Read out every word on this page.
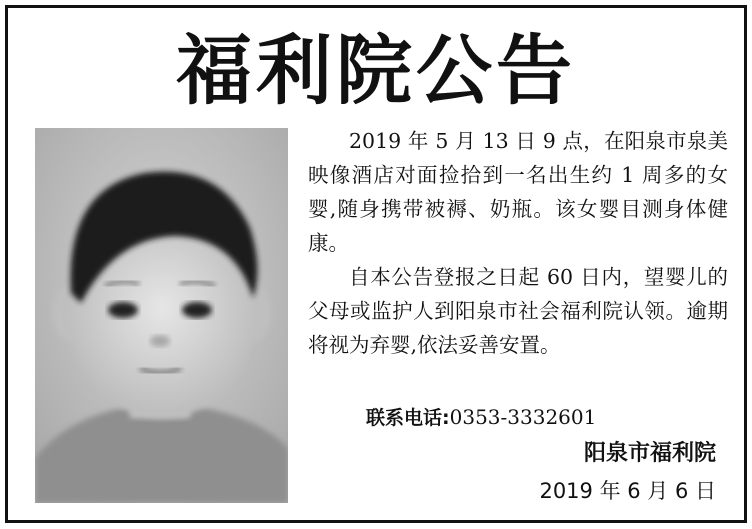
福利院公告

2019 年 5 月 13 日 9 点，在阳泉市泉美映像酒店对面捡拾到一名出生约 1 周多的女婴,随身携带被褥、奶瓶。该女婴目测身体健康。

自本公告登报之日起 60 日内，望婴儿的父母或监护人到阳泉市社会福利院认领。逾期将视为弃婴,依法妥善安置。

联系电话:0353-3332601
阳泉市福利院
2019 年 6 月 6 日
